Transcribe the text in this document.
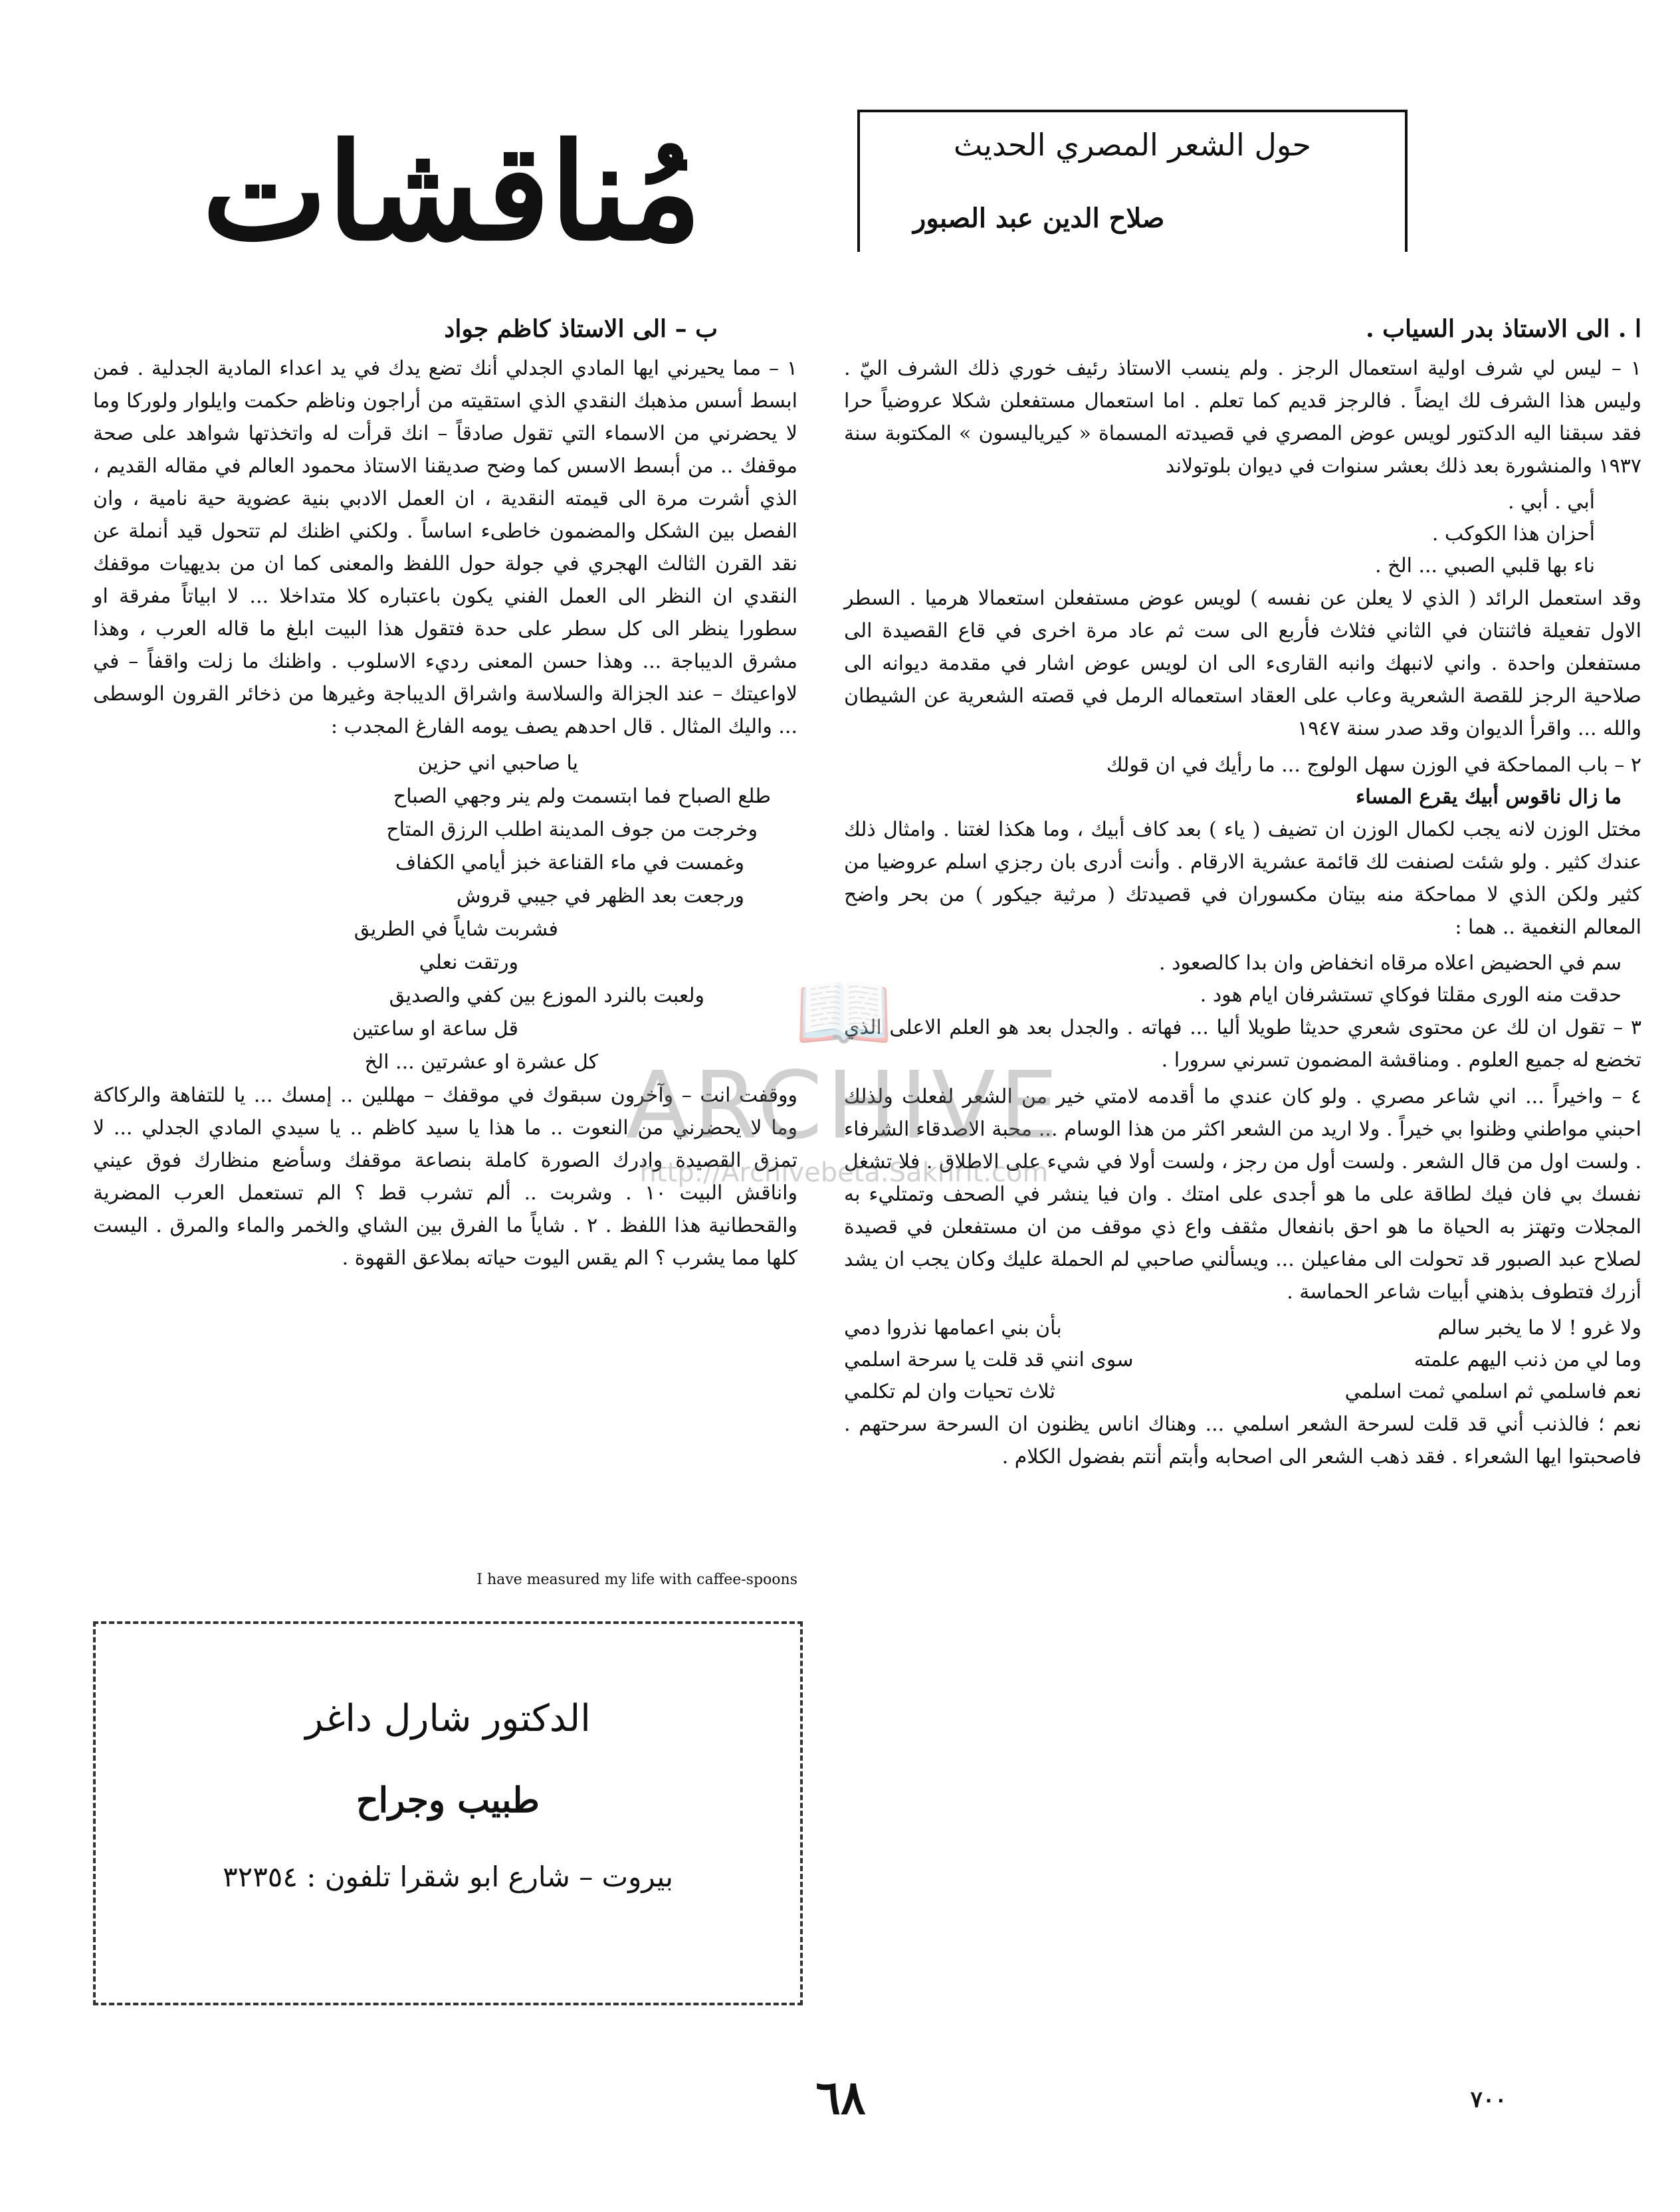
حول الشعر المصري الحديث
صلاح الدين عبد الصبور
مُناقشات
ا . الى الاستاذ بدر السياب .

١ – ليس لي شرف اولية استعمال الرجز . ولم ينسب الاستاذ رئيف خوري ذلك الشرف اليّ . وليس هذا الشرف لك ايضاً . فالرجز قديم كما تعلم . اما استعمال مستفعلن شكلا عروضياً حرا فقد سبقنا اليه الدكتور لويس عوض المصري في قصيدته المسماة « كيرياليسون » المكتوبة سنة ١٩٣٧ والمنشورة بعد ذلك بعشر سنوات في ديوان بلوتولاند

أبي . أبي .

أحزان هذا الكوكب .

ناء بها قلبي الصبي ... الخ .

وقد استعمل الرائد ( الذي لا يعلن عن نفسه ) لويس عوض مستفعلن استعمالا هرميا . السطر الاول تفعيلة فاثنتان في الثاني فثلاث فأربع الى ست ثم عاد مرة اخرى في قاع القصيدة الى مستفعلن واحدة . واني لانبهك وانبه القارىء الى ان لويس عوض اشار في مقدمة ديوانه الى صلاحية الرجز للقصة الشعرية وعاب على العقاد استعماله الرمل في قصته الشعرية عن الشيطان والله ... واقرأ الديوان وقد صدر سنة ١٩٤٧

٢ – باب المماحكة في الوزن سهل الولوج ... ما رأيك في ان قولك

ما زال ناقوس أبيك يقرع المساء

مختل الوزن لانه يجب لكمال الوزن ان تضيف ( ياء ) بعد كاف أبيك ، وما هكذا لغتنا . وامثال ذلك عندك كثير . ولو شئت لصنفت لك قائمة عشرية الارقام . وأنت أدرى بان رجزي اسلم عروضيا من كثير ولكن الذي لا مماحكة منه بيتان مكسوران في قصيدتك ( مرثية جيكور ) من بحر واضح المعالم النغمية .. هما :

سم في الحضيض اعلاه مرقاه انخفاض وان بدا كالصعود .

حدقت منه الورى مقلتا فوكاي تستشرفان ايام هود .

٣ – تقول ان لك عن محتوى شعري حديثا طويلا أليا ... فهاته . والجدل بعد هو العلم الاعلى الذي تخضع له جميع العلوم . ومناقشة المضمون تسرني سرورا .

٤ – واخيراً ... اني شاعر مصري . ولو كان عندي ما أقدمه لامتي خير من الشعر لفعلت ولذلك احبني مواطني وظنوا بي خيراً . ولا اريد من الشعر اكثر من هذا الوسام ... محبة الاصدقاء الشرفاء . ولست اول من قال الشعر . ولست أول من رجز ، ولست أولا في شيء على الاطلاق . فلا تشغل نفسك بي فان فيك لطاقة على ما هو أجدى على امتك . وان فيا ينشر في الصحف وتمتليء به المجلات وتهتز به الحياة ما هو احق بانفعال مثقف واع ذي موقف من ان مستفعلن في قصيدة لصلاح عبد الصبور قد تحولت الى مفاعيلن ... ويسألني صاحبي لم الحملة عليك وكان يجب ان يشد أزرك فتطوف بذهني أبيات شاعر الحماسة .

ولا غرو ! لا ما يخبر سالم
بأن بني اعمامها نذروا دمي
وما لي من ذنب اليهم علمته
سوى انني قد قلت يا سرحة اسلمي
نعم فاسلمي ثم اسلمي ثمت اسلمي
ثلاث تحيات وان لم تكلمي

نعم ؛ فالذنب أني قد قلت لسرحة الشعر اسلمي ... وهناك اناس يظنون ان السرحة سرحتهم . فاصحبتوا ايها الشعراء . فقد ذهب الشعر الى اصحابه وأبتم أنتم بفضول الكلام .

ب – الى الاستاذ كاظم جواد

١ – مما يحيرني ايها المادي الجدلي أنك تضع يدك في يد اعداء المادية الجدلية . فمن ابسط أسس مذهبك النقدي الذي استقيته من أراجون وناظم حكمت وايلوار ولوركا وما لا يحضرني من الاسماء التي تقول صادقاً – انك قرأت له واتخذتها شواهد على صحة موقفك .. من أبسط الاسس كما وضح صديقنا الاستاذ محمود العالم في مقاله القديم ، الذي أشرت مرة الى قيمته النقدية ، ان العمل الادبي بنية عضوية حية نامية ، وان الفصل بين الشكل والمضمون خاطىء اساساً . ولكني اظنك لم تتحول قيد أنملة عن نقد القرن الثالث الهجري في جولة حول اللفظ والمعنى كما ان من بديهيات موقفك النقدي ان النظر الى العمل الفني يكون باعتباره كلا متداخلا ... لا ابياتاً مفرقة او سطورا ينظر الى كل سطر على حدة فتقول هذا البيت ابلغ ما قاله العرب ، وهذا مشرق الديباجة ... وهذا حسن المعنى رديء الاسلوب . واظنك ما زلت واقفاً – في لاواعيتك – عند الجزالة والسلاسة واشراق الديباجة وغيرها من ذخائر القرون الوسطى ... واليك المثال . قال احدهم يصف يومه الفارغ المجدب :

يا صاحبي اني حزين

طلع الصباح فما ابتسمت ولم ينر وجهي الصباح

وخرجت من جوف المدينة اطلب الرزق المتاح

وغمست في ماء القناعة خبز أيامي الكفاف

ورجعت بعد الظهر في جيبي قروش

فشربت شاياً في الطريق

ورتقت نعلي

ولعبت بالنرد الموزع بين كفي والصديق

قل ساعة او ساعتين

كل عشرة او عشرتين ... الخ

ووقفت انت – وآخرون سبقوك في موقفك – مهللين .. إمسك ... يا للتفاهة والركاكة وما لا يحضرني من النعوت .. ما هذا يا سيد كاظم .. يا سيدي المادي الجدلي ... لا تمزق القصيدة وادرك الصورة كاملة بنصاعة موقفك وسأضع منظارك فوق عيني واناقش البيت ١٠ . وشربت .. ألم تشرب قط ؟ الم تستعمل العرب المضرية والقحطانية هذا اللفظ . ٢ . شاياً ما الفرق بين الشاي والخمر والماء والمرق . اليست كلها مما يشرب ؟ الم يقس اليوت حياته بملاعق القهوة .

I have measured my life with caffee-spoons
الدكتور شارل داغر
طبيب وجراح
بيروت – شارع ابو شقرا تلفون : ٣٢٣٥٤
📖
ARCHIVE
http://Archivebeta.Sakhrit.com
٦٨	٧٠٠
